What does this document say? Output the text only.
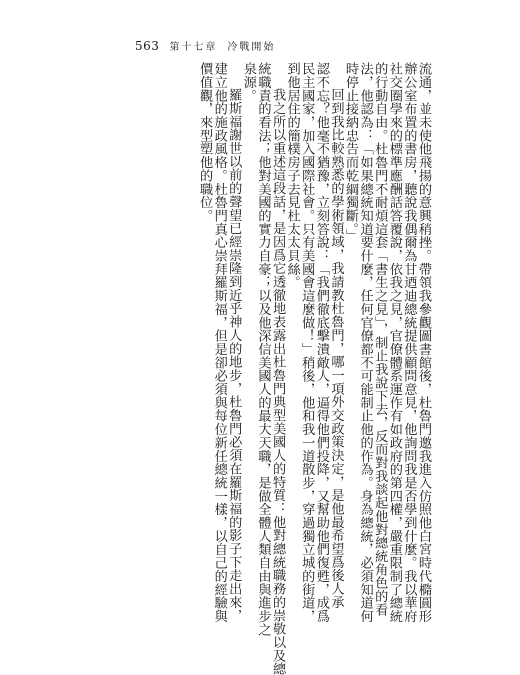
563 第十七章 冷戰開始
流通，並未使他飛揚的意興稍挫。帶領我參觀圖書館後，杜魯門邀我進入仿照他白宮時代橢圓形
辦公室布置的書房，聽說我偶爾為甘迺迪總統提供顧問意見，他詢問我是否學到什麼。我以華府
社交圈學來的標準應酬話答覆說，依我之見，官僚體系運作有如政府的第四權，嚴重限制了總統
的行動自由。杜魯門不耐煩這套「書生之見」，制止我說下去，反而對我談起他對總統角色的看
法，他認為：「如果總統知道要什麼，任何官僚都不可能制止他的作為。身為總統，必須知道何
時停止接納忠告而乾綱獨斷。」
回到我比較熟悉的學術領域，我請教杜魯門，哪一項外交政策決定，是他最希望爲後人承
認不忘？他毫不猶豫，立刻答說：「我們徹底擊潰敵人，逼得他們投降，又幫助他們復甦，成爲
民主國家，加入國際社會。只有美國會這麼做！」稍後，他和我一道散步，穿過獨立城的街道，
到他居住的簡樸房子去見杜太太貝絲。
我之所以重述這段話，是因爲它透徹地表露出杜魯門典型美國人的特質：他對總統職務的崇敬以及總
統職責的看法；他對美國的實力自豪；以及他深信美國人的最大天職，是做全體人類自由與進步之
泉源。
羅斯福謝世以前的聲望已經崇隆到近乎神人的地步，杜魯門必須在羅斯福的影子下走出來，
建立他的施政風格。杜魯門真心崇拜羅斯福，但是卻必須與每位新任總統一樣，以自己的經驗與
價值觀，來型塑他的職位。
